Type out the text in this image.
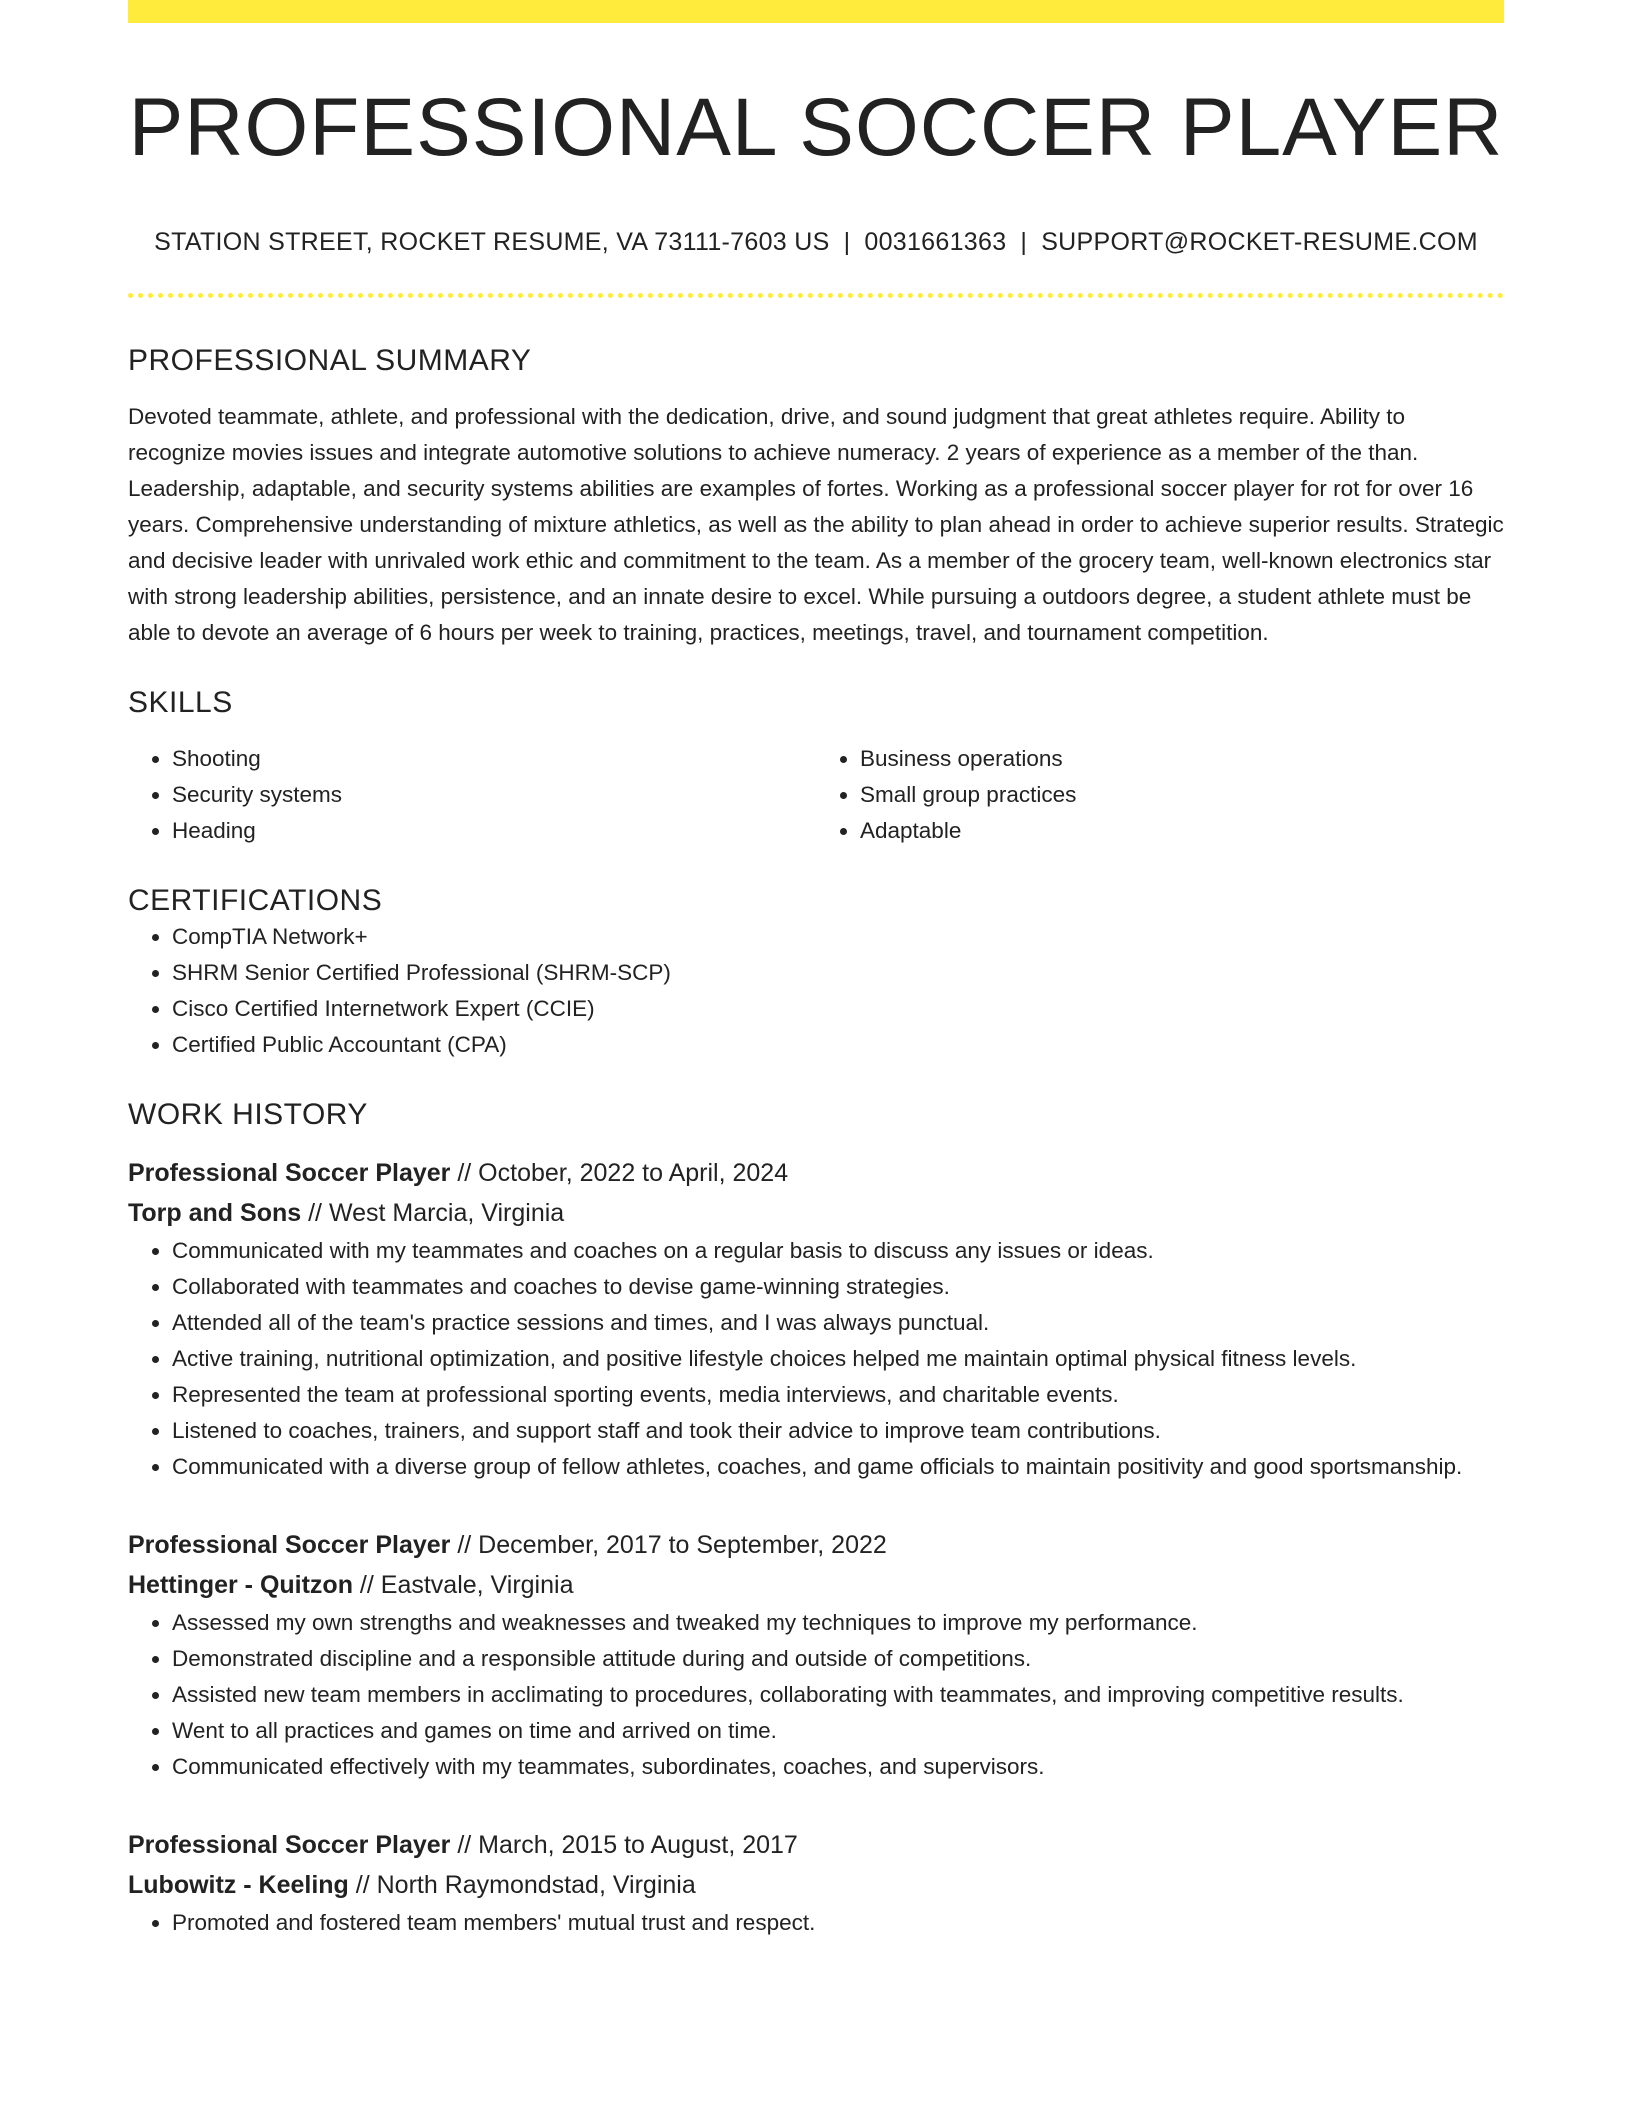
PROFESSIONAL SOCCER PLAYER
STATION STREET, ROCKET RESUME, VA 73111-7603 US | 0031661363 | SUPPORT@ROCKET-RESUME.COM
PROFESSIONAL SUMMARY

Devoted teammate, athlete, and professional with the dedication, drive, and sound judgment that great athletes require. Ability to recognize movies issues and integrate automotive solutions to achieve numeracy. 2 years of experience as a member of the than. Leadership, adaptable, and security systems abilities are examples of fortes. Working as a professional soccer player for rot for over 16 years. Comprehensive understanding of mixture athletics, as well as the ability to plan ahead in order to achieve superior results. Strategic and decisive leader with unrivaled work ethic and commitment to the team. As a member of the grocery team, well-known electronics star with strong leadership abilities, persistence, and an innate desire to excel. While pursuing a outdoors degree, a student athlete must be able to devote an average of 6 hours per week to training, practices, meetings, travel, and tournament competition.

SKILLS
• Shooting
• Security systems
• Heading
• Business operations
• Small group practices
• Adaptable
CERTIFICATIONS
• CompTIA Network+
• SHRM Senior Certified Professional (SHRM-SCP)
• Cisco Certified Internetwork Expert (CCIE)
• Certified Public Accountant (CPA)
WORK HISTORY
Professional Soccer Player // October, 2022 to April, 2024
Torp and Sons // West Marcia, Virginia
• Communicated with my teammates and coaches on a regular basis to discuss any issues or ideas.
• Collaborated with teammates and coaches to devise game-winning strategies.
• Attended all of the team's practice sessions and times, and I was always punctual.
• Active training, nutritional optimization, and positive lifestyle choices helped me maintain optimal physical fitness levels.
• Represented the team at professional sporting events, media interviews, and charitable events.
• Listened to coaches, trainers, and support staff and took their advice to improve team contributions.
• Communicated with a diverse group of fellow athletes, coaches, and game officials to maintain positivity and good sportsmanship.
Professional Soccer Player // December, 2017 to September, 2022
Hettinger - Quitzon // Eastvale, Virginia
• Assessed my own strengths and weaknesses and tweaked my techniques to improve my performance.
• Demonstrated discipline and a responsible attitude during and outside of competitions.
• Assisted new team members in acclimating to procedures, collaborating with teammates, and improving competitive results.
• Went to all practices and games on time and arrived on time.
• Communicated effectively with my teammates, subordinates, coaches, and supervisors.
Professional Soccer Player // March, 2015 to August, 2017
Lubowitz - Keeling // North Raymondstad, Virginia
• Promoted and fostered team members' mutual trust and respect.
